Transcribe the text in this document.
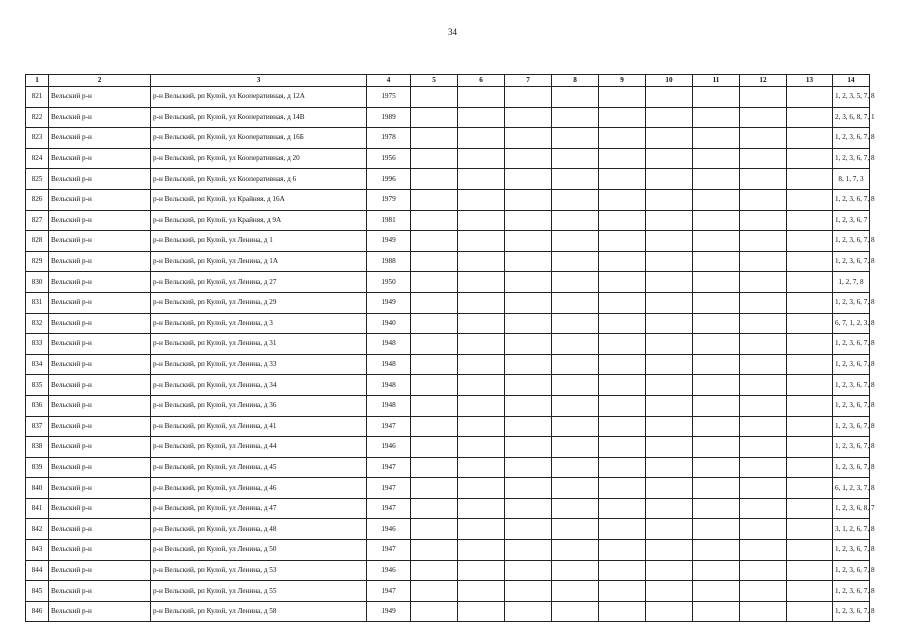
34
1	2	3	4	5	6	7	8	9	10	11	12	13	14
821	Вельский р-н	р-н Вельский, рп Кулой, ул Кооперативная, д 12А	1975										1, 2, 3, 5, 7, 8
822	Вельский р-н	р-н Вельский, рп Кулой, ул Кооперативная, д 14В	1989										2, 3, 6, 8, 7, 1
823	Вельский р-н	р-н Вельский, рп Кулой, ул Кооперативная, д 16Б	1978										1, 2, 3, 6, 7, 8
824	Вельский р-н	р-н Вельский, рп Кулой, ул Кооперативная, д 20	1956										1, 2, 3, 6, 7, 8
825	Вельский р-н	р-н Вельский, рп Кулой, ул Кооперативная, д 6	1996										8, 1, 7, 3
826	Вельский р-н	р-н Вельский, рп Кулой, ул Крайняя, д 16А	1979										1, 2, 3, 6, 7, 8
827	Вельский р-н	р-н Вельский, рп Кулой, ул Крайняя, д 9А	1981										1, 2, 3, 6, 7
828	Вельский р-н	р-н Вельский, рп Кулой, ул Ленина, д 1	1949										1, 2, 3, 6, 7, 8
829	Вельский р-н	р-н Вельский, рп Кулой, ул Ленина, д 1А	1988										1, 2, 3, 6, 7, 8
830	Вельский р-н	р-н Вельский, рп Кулой, ул Ленина, д 27	1950										1, 2, 7, 8
831	Вельский р-н	р-н Вельский, рп Кулой, ул Ленина, д 29	1949										1, 2, 3, 6, 7, 8
832	Вельский р-н	р-н Вельский, рп Кулой, ул Ленина, д 3	1940										6, 7, 1, 2, 3, 8
833	Вельский р-н	р-н Вельский, рп Кулой, ул Ленина, д 31	1948										1, 2, 3, 6, 7, 8
834	Вельский р-н	р-н Вельский, рп Кулой, ул Ленина, д 33	1948										1, 2, 3, 6, 7, 8
835	Вельский р-н	р-н Вельский, рп Кулой, ул Ленина, д 34	1948										1, 2, 3, 6, 7, 8
836	Вельский р-н	р-н Вельский, рп Кулой, ул Ленина, д 36	1948										1, 2, 3, 6, 7, 8
837	Вельский р-н	р-н Вельский, рп Кулой, ул Ленина, д 41	1947										1, 2, 3, 6, 7, 8
838	Вельский р-н	р-н Вельский, рп Кулой, ул Ленина, д 44	1946										1, 2, 3, 6, 7, 8
839	Вельский р-н	р-н Вельский, рп Кулой, ул Ленина, д 45	1947										1, 2, 3, 6, 7, 8
840	Вельский р-н	р-н Вельский, рп Кулой, ул Ленина, д 46	1947										6, 1, 2, 3, 7, 8
841	Вельский р-н	р-н Вельский, рп Кулой, ул Ленина, д 47	1947										1, 2, 3, 6, 8, 7
842	Вельский р-н	р-н Вельский, рп Кулой, ул Ленина, д 48	1946										3, 1, 2, 6, 7, 8
843	Вельский р-н	р-н Вельский, рп Кулой, ул Ленина, д 50	1947										1, 2, 3, 6, 7, 8
844	Вельский р-н	р-н Вельский, рп Кулой, ул Ленина, д 53	1946										1, 2, 3, 6, 7, 8
845	Вельский р-н	р-н Вельский, рп Кулой, ул Ленина, д 55	1947										1, 2, 3, 6, 7, 8
846	Вельский р-н	р-н Вельский, рп Кулой, ул Ленина, д 58	1949										1, 2, 3, 6, 7, 8
